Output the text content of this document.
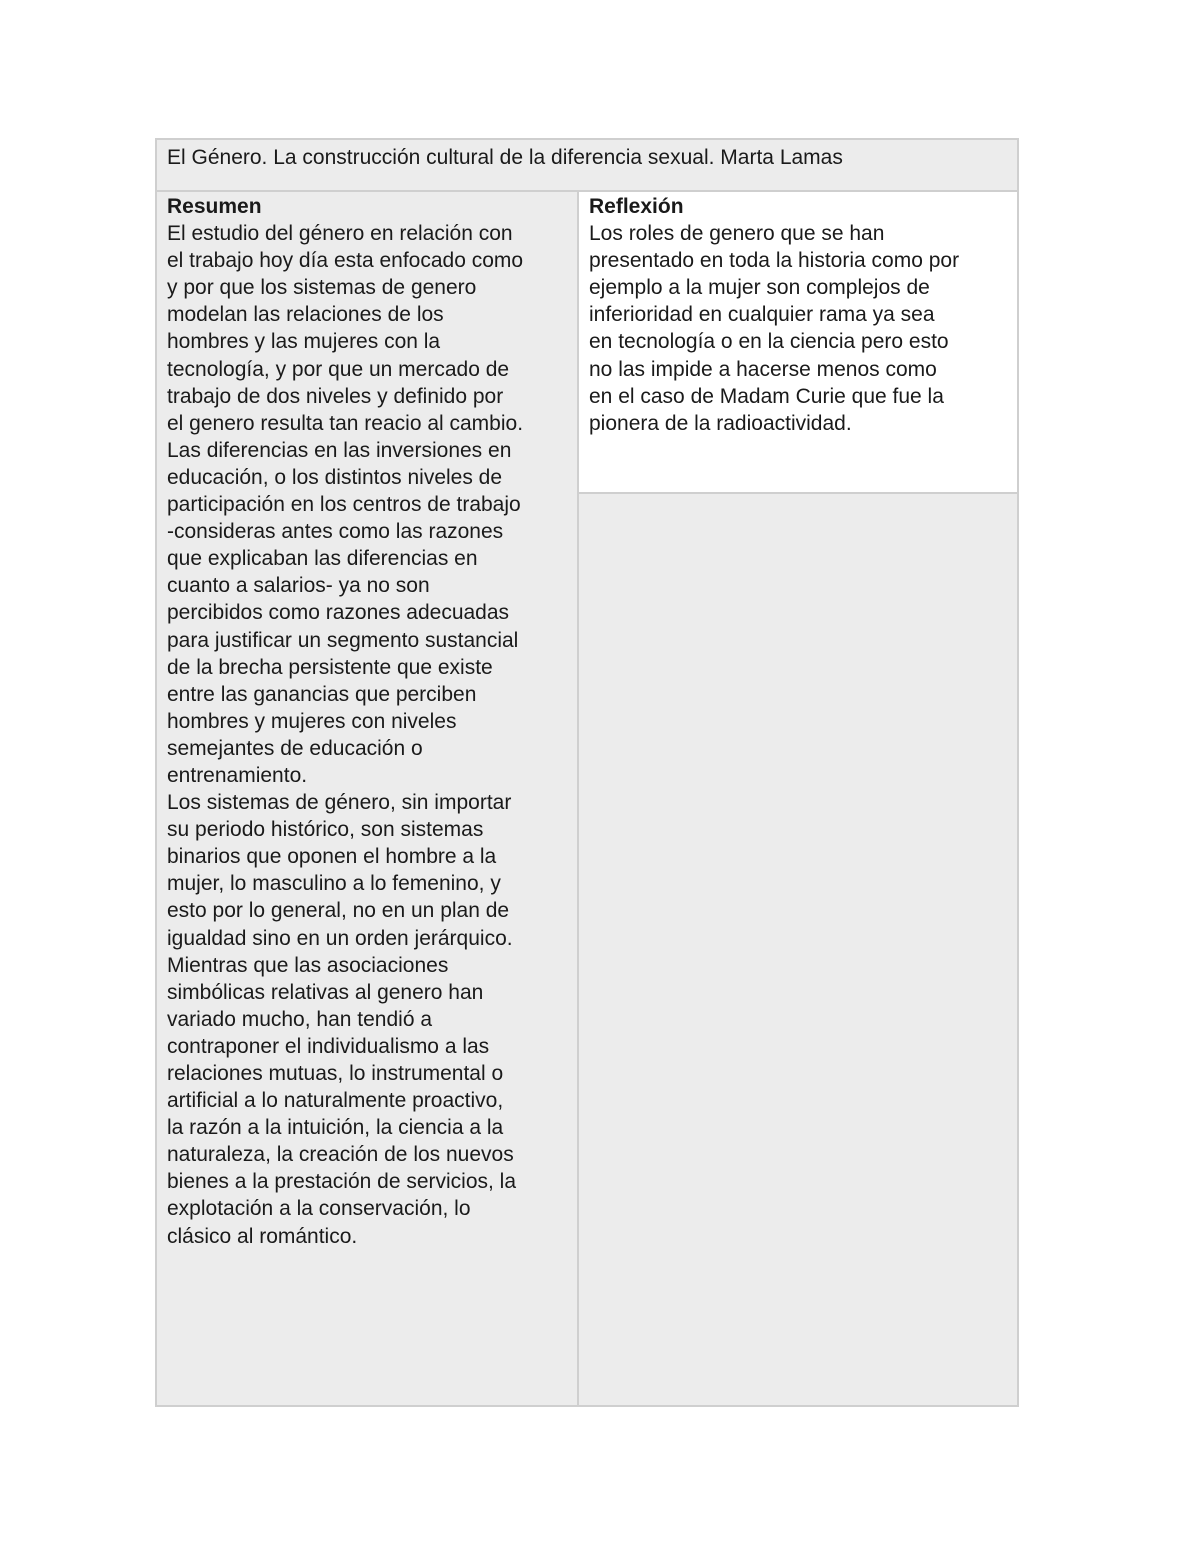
El Género. La construcción cultural de la diferencia sexual. Marta Lamas
Resumen
El estudio del género en relación con
el trabajo hoy día esta enfocado como
y por que los sistemas de genero
modelan las relaciones de los
hombres y las mujeres con la
tecnología, y por que un mercado de
trabajo de dos niveles y definido por
el genero resulta tan reacio al cambio.
Las diferencias en las inversiones en
educación, o los distintos niveles de
participación en los centros de trabajo
-consideras antes como las razones
que explicaban las diferencias en
cuanto a salarios- ya no son
percibidos como razones adecuadas
para justificar un segmento sustancial
de la brecha persistente que existe
entre las ganancias que perciben
hombres y mujeres con niveles
semejantes de educación o
entrenamiento.
Los sistemas de género, sin importar
su periodo histórico, son sistemas
binarios que oponen el hombre a la
mujer, lo masculino a lo femenino, y
esto por lo general, no en un plan de
igualdad sino en un orden jerárquico.
Mientras que las asociaciones
simbólicas relativas al genero han
variado mucho, han tendió a
contraponer el individualismo a las
relaciones mutuas, lo instrumental o
artificial a lo naturalmente proactivo,
la razón a la intuición, la ciencia a la
naturaleza, la creación de los nuevos
bienes a la prestación de servicios, la
explotación a la conservación, lo
clásico al romántico.
Reflexión
Los roles de genero que se han
presentado en toda la historia como por
ejemplo a la mujer son complejos de
inferioridad en cualquier rama ya sea
en tecnología o en la ciencia pero esto
no las impide a hacerse menos como
en el caso de Madam Curie que fue la
pionera de la radioactividad.
